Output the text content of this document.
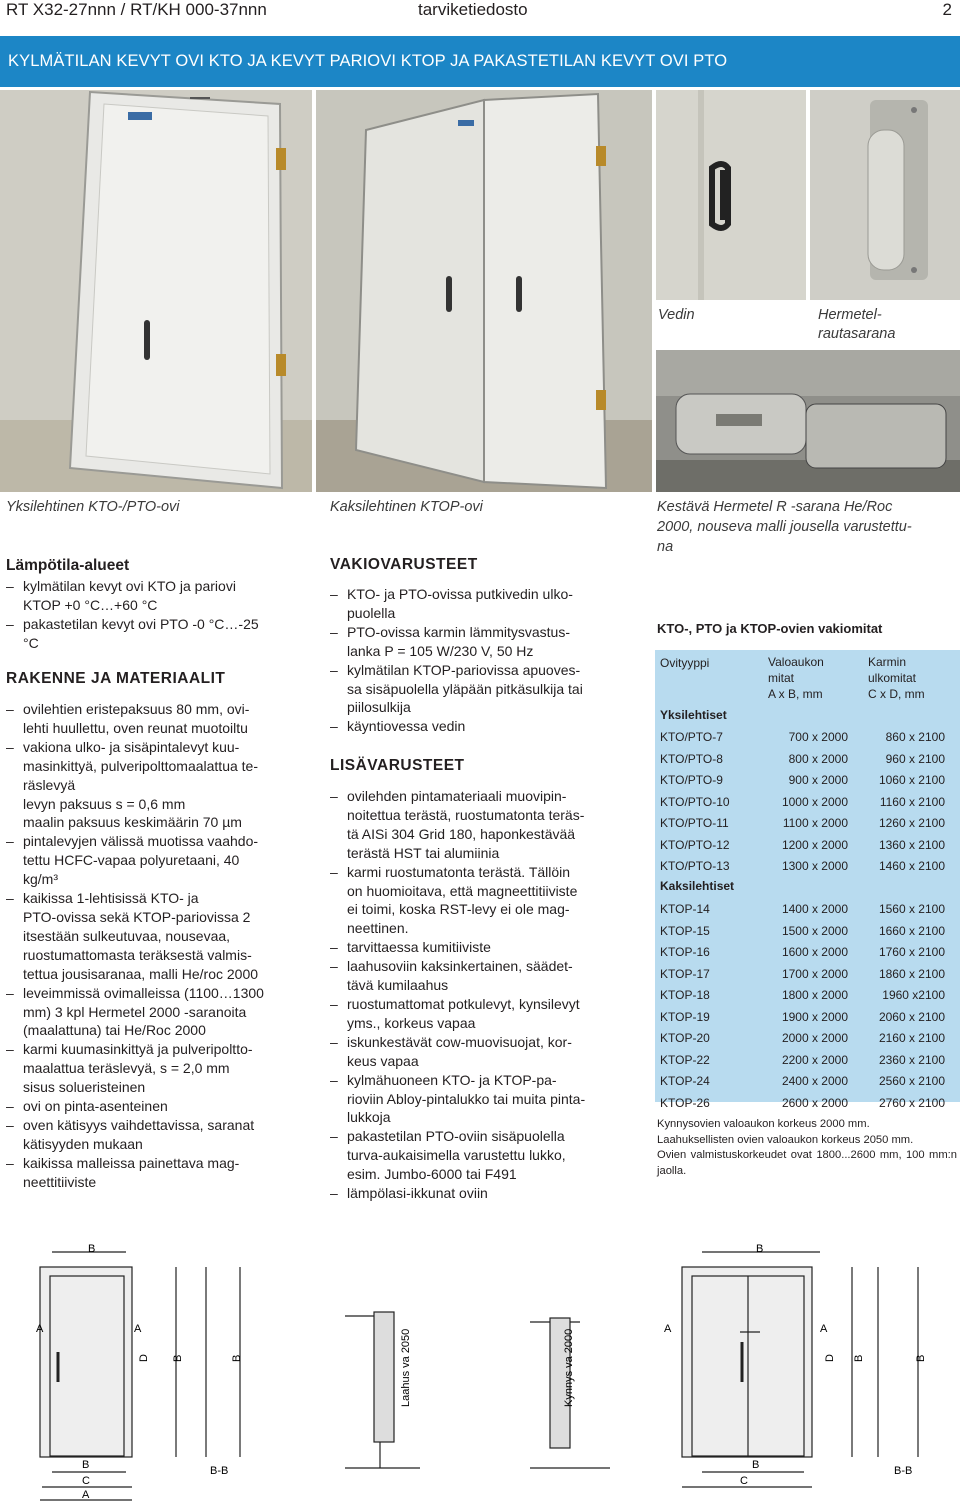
RT X32-27nnn / RT/KH 000-37nnn	tarviketiedosto	2
KYLMÄTILAN KEVYT OVI KTO JA KEVYT PARIOVI KTOP JA PAKASTETILAN KEVYT OVI PTO
Vedin	Hermetel-
rautasarana
Yksilehtinen KTO-/PTO-ovi	Kaksilehtinen KTOP-ovi	Kestävä Hermetel R -sarana He/Roc
2000, nouseva malli jousella varustettu-
na
Lämpötila-alueet
– kylmätilan kevyt ovi KTO ja pariovi
KTOP +0 °C…+60 °C
– pakastetilan kevyt ovi PTO -0 °C…-25
°C
RAKENNE JA MATERIAALIT
– ovilehtien eristepaksuus 80 mm, ovi-
lehti huullettu, oven reunat muotoiltu
– vakiona ulko- ja sisäpintalevyt kuu-
masinkittyä, pulveripolttomaalattua te-
räslevyä
levyn paksuus s = 0,6 mm
maalin paksuus keskimäärin 70 µm
– pintalevyjen välissä muotissa vaahdo-
tettu HCFC-vapaa polyuretaani, 40
kg/m³
– kaikissa 1-lehtisissä KTO- ja
PTO-ovissa sekä KTOP-pariovissa 2
itsestään sulkeutuvaa, nousevaa,
ruostumattomasta teräksestä valmis-
tettua jousisaranaa, malli He/roc 2000
– leveimmissä ovimalleissa (1100…1300
mm) 3 kpl Hermetel 2000 -saranoita
(maalattuna) tai He/Roc 2000
– karmi kuumasinkittyä ja pulveripoltto-
maalattua teräslevyä, s = 2,0 mm
sisus solueristeinen
– ovi on pinta-asenteinen
– oven kätisyys vaihdettavissa, saranat
kätisyyden mukaan
– kaikissa malleissa painettava mag-
neettitiiviste
VAKIOVARUSTEET
– KTO- ja PTO-ovissa putkivedin ulko-
puolella
– PTO-ovissa karmin lämmitysvastus-
lanka P = 105 W/230 V, 50 Hz
– kylmätilan KTOP-pariovissa apuoves-
sa sisäpuolella yläpään pitkäsulkija tai
piilosulkija
– käyntiovessa vedin
LISÄVARUSTEET
– ovilehden pintamateriaali muovipin-
noitettua terästä, ruostumatonta teräs-
tä AISi 304 Grid 180, haponkestävää
terästä HST tai alumiinia
– karmi ruostumatonta terästä. Tällöin
on huomioitava, että magneettitiiviste
ei toimi, koska RST-levy ei ole mag-
neettinen.
– tarvittaessa kumitiiviste
– laahusoviin kaksinkertainen, säädet-
tävä kumilaahus
– ruostumattomat potkulevyt, kynsilevyt
yms., korkeus vapaa
– iskunkestävät cow-muovisuojat, kor-
keus vapaa
– kylmähuoneen KTO- ja KTOP-pa-
rioviin Abloy-pintalukko tai muita pinta-
lukkoja
– pakastetilan PTO-oviin sisäpuolella
turva-aukaisimella varustettu lukko,
esim. Jumbo-6000 tai F491
– lämpölasi-ikkunat oviin
KTO-, PTO ja KTOP-ovien vakiomitat
Ovityyppi	Valoaukon
mitat
A x B, mm
Karmin
ulkomitat
C x D, mm
Yksilehtiset
KTO/PTO-7	700 x 2000	860 x 2100
KTO/PTO-8	800 x 2000	960 x 2100
KTO/PTO-9	900 x 2000	1060 x 2100
KTO/PTO-10	1000 x 2000	1160 x 2100
KTO/PTO-11	1100 x 2000	1260 x 2100
KTO/PTO-12	1200 x 2000	1360 x 2100
KTO/PTO-13	1300 x 2000	1460 x 2100
Kaksilehtiset
KTOP-14	1400 x 2000	1560 x 2100
KTOP-15	1500 x 2000	1660 x 2100
KTOP-16	1600 x 2000	1760 x 2100
KTOP-17	1700 x 2000	1860 x 2100
KTOP-18	1800 x 2000	1960 x2100
KTOP-19	1900 x 2000	2060 x 2100
KTOP-20	2000 x 2000	2160 x 2100
KTOP-22	2200 x 2000	2360 x 2100
KTOP-24	2400 x 2000	2560 x 2100
KTOP-26	2600 x 2000	2760 x 2100
Kynnysovien valoaukon korkeus 2000 mm.
Laahuksellisten ovien valoaukon korkeus 2050 mm.
Ovien valmistuskorkeudet ovat 1800...2600 mm, 100 mm:n jaolla.
B
A	A
D B	B
B
C
A
B-B
Laahus va 2050	Kynnys va 2000
B
A	A
D B	B
B
C
B-B
